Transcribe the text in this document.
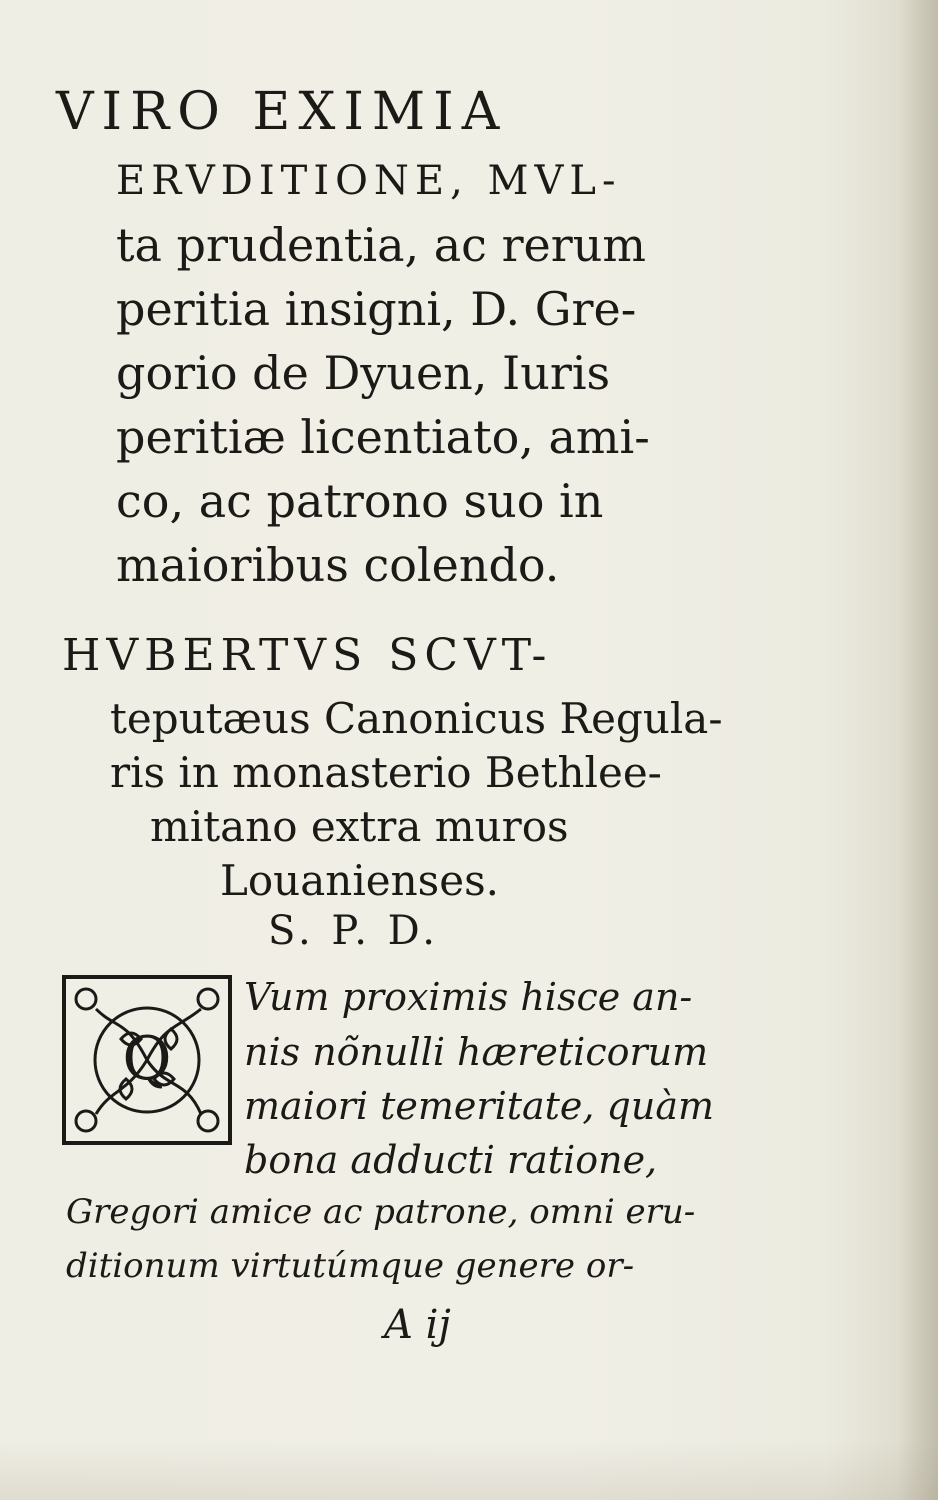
VIRO EXIMIA
ERVDITIONE, MVL-
ta prudentia, ac rerum
peritia insigni, D. Gre-
gorio de Dyuen, Iuris
peritiæ licentiato, ami-
co, ac patrono suo in
maioribus colendo.
HVBERTVS SCVT-
teputæus Canonicus Regula-
ris in monasterio Bethlee-
mitano extra muros
Louanienses.
S. P. D.
Q
Vum proximis hisce an-
nis nõnulli hæreticorum
maiori temeritate, quàm
bona adducti ratione,
Gregori amice ac patrone, omni eru-
ditionum virtutúmque genere or-
A ij
